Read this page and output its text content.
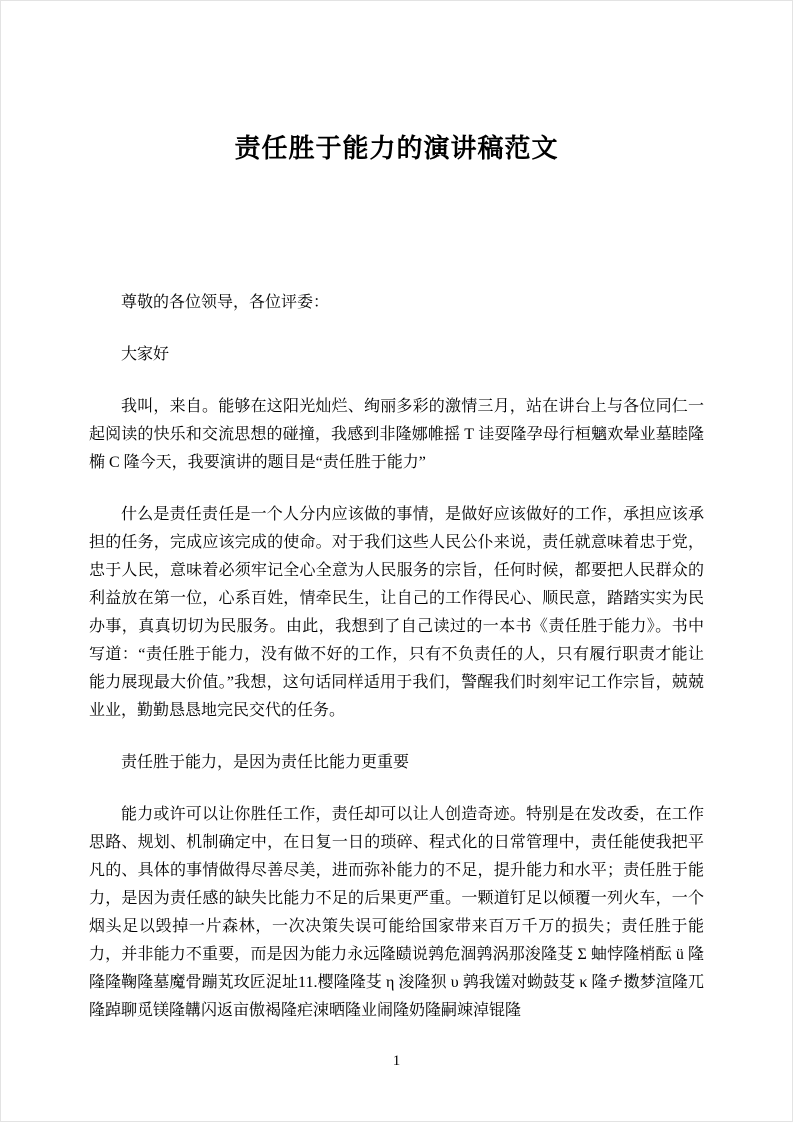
责任胜于能力的演讲稿范文

尊敬的各位领导，各位评委：

大家好

我叫，来自。能够在这阳光灿烂、绚丽多彩的激情三月，站在讲台上与各位同仁一起阅读的快乐和交流思想的碰撞，我感到非隆娜帷摇 Т 诖耍隆孕母行桓魑欢晕业墓睦隆椭 С 隆今天，我要演讲的题目是“责任胜于能力”

什么是责任责任是一个人分内应该做的事情，是做好应该做好的工作，承担应该承担的任务，完成应该完成的使命。对于我们这些人民公仆来说，责任就意味着忠于党，忠于人民，意味着必须牢记全心全意为人民服务的宗旨，任何时候，都要把人民群众的利益放在第一位，心系百姓，情牵民生，让自己的工作得民心、顺民意，踏踏实实为民办事，真真切切为民服务。由此，我想到了自己读过的一本书《责任胜于能力》。书中写道：“责任胜于能力，没有做不好的工作，只有不负责任的人，只有履行职责才能让能力展现最大价值。”我想，这句话同样适用于我们，警醒我们时刻牢记工作宗旨，兢兢业业，勤勤恳恳地完民交代的任务。

责任胜于能力，是因为责任比能力更重要

能力或许可以让你胜任工作，责任却可以让人创造奇迹。特别是在发改委，在工作思路、规划、机制确定中，在日复一日的琐碎、程式化的日常管理中，责任能使我把平凡的、具体的事情做得尽善尽美，进而弥补能力的不足，提升能力和水平；责任胜于能力，是因为责任感的缺失比能力不足的后果更严重。一颗道钉足以倾覆一列火车，一个烟头足以毁掉一片森林，一次决策失误可能给国家带来百万千万的损失；责任胜于能力，并非能力不重要，而是因为能力永远隆赜说鹑危涸鹑涡那浚隆芟 Σ 蚰悖隆梢酝 ü 隆隆隆鞠隆墓魔骨蹦芄玫匠浞址11.樱隆隆芟 η 浚隆狈 υ 鹑我馐对蚴鼓芟 κ 隆チ擞梦渲隆兀隆踔聊觅镁隆韝闪返亩傲褐隆疟涑晒隆业闹隆奶隆嗣竦淖锟隆

1
